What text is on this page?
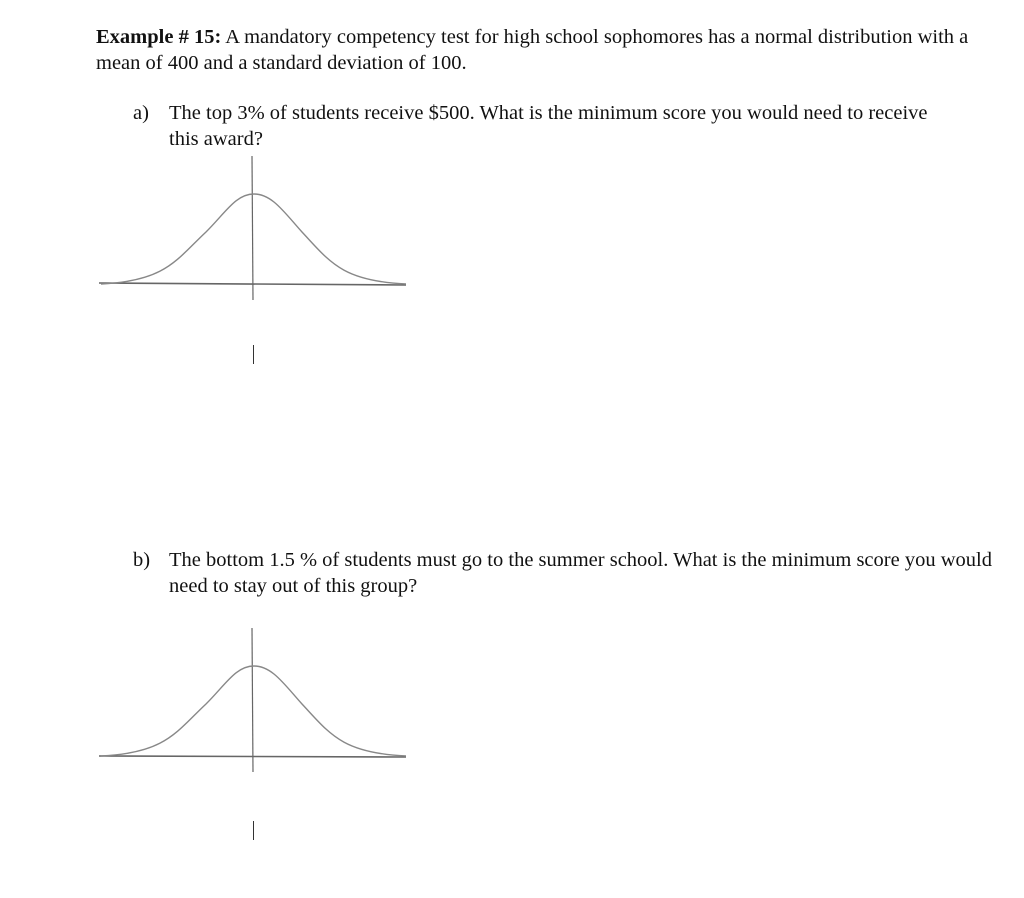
Example # 15: A mandatory competency test for high school sophomores has a normal distribution with a mean of 400 and a standard deviation of 100.
a) The top 3% of students receive $500. What is the minimum score you would need to receive this award?
b) The bottom 1.5 % of students must go to the summer school. What is the minimum score you would need to stay out of this group?
